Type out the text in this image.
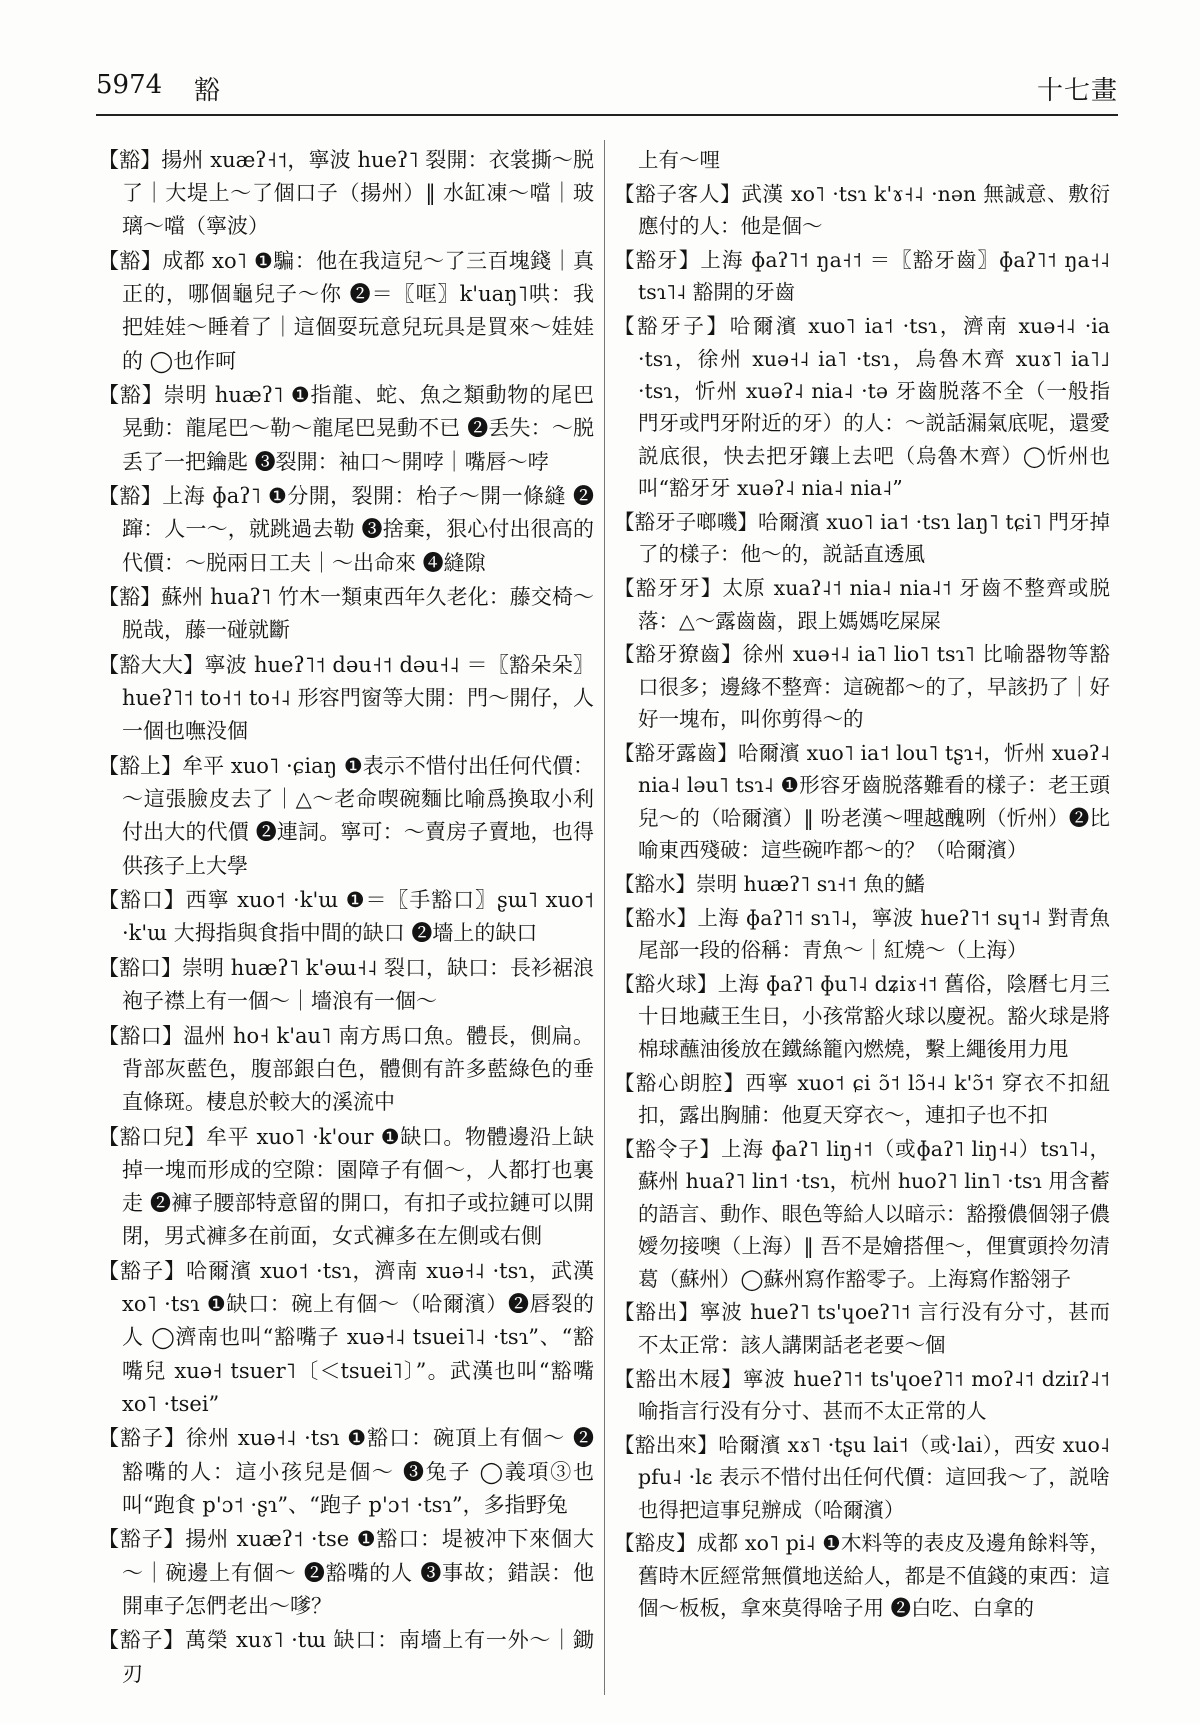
5974 豁	十七畫

【豁】揚州 xuæʔ˧˦，寧波 hueʔ˥ 裂開：衣裳撕～脱了｜大堤上～了個口子（揚州）‖ 水缸凍～噹｜玻璃～噹（寧波）

【豁】成都 xo˥ ❶騙：他在我這兒～了三百塊錢｜真正的，哪個龜兒子～你 ❷＝〖哐〗k'uaŋ˥哄：我把娃娃～睡着了｜這個耍玩意兒玩具是買來～娃娃的 ◯也作呵

【豁】崇明 huæʔ˥ ❶指龍、蛇、魚之類動物的尾巴晃動：龍尾巴～勒～龍尾巴晃動不已 ❷丢失：～脱丢了一把鑰匙 ❸裂開：袖口～開哱｜嘴唇～哱

【豁】上海 ɸaʔ˥ ❶分開，裂開：枱子～開一條縫 ❷蹿：人一～，就跳過去勒 ❸捨棄，狠心付出很高的代價：～脱兩日工夫｜～出命來 ❹縫隙

【豁】蘇州 huaʔ˥ 竹木一類東西年久老化：藤交椅～脱哉，藤一碰就斷

【豁大大】寧波 hueʔ˥˦ dəu˧˦ dəu˧˨ ＝〖豁朵朵〗hueʔ˥˦ to˧˦ to˧˨ 形容門窗等大開：門～開仔，人一個也嘸没個

【豁上】牟平 xuo˥ ·ɕiaŋ ❶表示不惜付出任何代價：～這張臉皮去了｜△～老命喫碗麵比喻爲換取小利付出大的代價 ❷連詞。寧可：～賣房子賣地，也得供孩子上大學

【豁口】西寧 xuo˦ ·k'ɯ ❶＝〖手豁口〗ʂɯ˥ xuo˦ ·k'ɯ 大拇指與食指中間的缺口 ❷墻上的缺口

【豁口】崇明 huæʔ˥ k'əɯ˧˨ 裂口，缺口：長衫裾浪袍子襟上有一個～｜墻浪有一個～

【豁口】温州 ho˧ k'au˥ 南方馬口魚。體長，側扁。背部灰藍色，腹部銀白色，體側有許多藍綠色的垂直條斑。棲息於較大的溪流中

【豁口兒】牟平 xuo˥ ·k'our ❶缺口。物體邊沿上缺掉一塊而形成的空隙：園障子有個～，人都打也裏走 ❷褲子腰部特意留的開口，有扣子或拉鏈可以開閉，男式褲多在前面，女式褲多在左側或右側

【豁子】哈爾濱 xuo˦ ·tsɿ，濟南 xuə˧˨ ·tsɿ，武漢 xo˥ ·tsɿ ❶缺口：碗上有個～（哈爾濱）❷唇裂的人 ◯濟南也叫“豁嘴子 xuə˧˨ tsuei˥˨ ·tsɿ”、“豁嘴兒 xuə˧ tsuer˥〔＜tsuei˥〕”。武漢也叫“豁嘴 xo˥ ·tsei”

【豁子】徐州 xuə˧˨ ·tsɿ ❶豁口：碗頂上有個～ ❷豁嘴的人：這小孩兒是個～ ❸兔子 ◯義項③也叫“跑食 p'ɔ˦ ·ʂɿ”、“跑子 p'ɔ˦ ·tsɿ”，多指野兔

【豁子】揚州 xuæʔ˦ ·tse ❶豁口：堤被冲下來個大～｜碗邊上有個～ ❷豁嘴的人 ❸事故；錯誤：他開車子怎們老出～嗲？

【豁子】萬榮 xuɤ˥ ·tɯ 缺口：南墻上有一外～｜鋤刃

上有～哩

【豁子客人】武漢 xo˥ ·tsɿ k'ɤ˧˨ ·nən 無誠意、敷衍應付的人：他是個～

【豁牙】上海 ɸaʔ˥˦ ŋa˧˦ ＝〖豁牙齒〗ɸaʔ˥˦ ŋa˧˨ tsɿ˥˨ 豁開的牙齒

【豁牙子】哈爾濱 xuo˥ ia˦ ·tsɿ，濟南 xuə˧˨ ·ia ·tsɿ，徐州 xuə˧˨ ia˥ ·tsɿ，烏魯木齊 xuɤ˥ ia˥˩ ·tsɿ，忻州 xuəʔ˨ nia˨ ·tə 牙齒脱落不全（一般指門牙或門牙附近的牙）的人：～説話漏氣底呢，還愛説底很，快去把牙鑲上去吧（烏魯木齊）◯忻州也叫“豁牙牙 xuəʔ˨ nia˨ nia˨”

【豁牙子啷嘰】哈爾濱 xuo˥ ia˦ ·tsɿ laŋ˥ tɕi˥ 門牙掉了的樣子：他～的，説話直透風

【豁牙牙】太原 xuaʔ˨˦ nia˨ nia˨˦ 牙齒不整齊或脱落：△～露齒齒，跟上媽媽吃屎屎

【豁牙獠齒】徐州 xuə˧˨ ia˥ lio˥ tsɿ˥ 比喻器物等豁口很多；邊緣不整齊：這碗都～的了，早該扔了｜好好一塊布，叫你剪得～的

【豁牙露齒】哈爾濱 xuo˥ ia˦ lou˥ tʂɿ˧，忻州 xuəʔ˨ nia˨ ləu˥ tsɿ˨ ❶形容牙齒脱落難看的樣子：老王頭兒～的（哈爾濱）‖ 吩老漢～哩越醜咧（忻州）❷比喻東西殘破：這些碗咋都～的？（哈爾濱）

【豁水】崇明 huæʔ˥ sɿ˧˦ 魚的鰭

【豁水】上海 ɸaʔ˥˦ sɿ˥˨，寧波 hueʔ˥˦ sɥ˦˨ 對青魚尾部一段的俗稱：青魚～｜紅燒～（上海）

【豁火球】上海 ɸaʔ˥ ɸu˥˨ dʑiɤ˧˦ 舊俗，陰曆七月三十日地藏王生日，小孩常豁火球以慶祝。豁火球是將棉球蘸油後放在鐵絲籠內燃燒，繫上繩後用力甩

【豁心朗腔】西寧 xuo˦ ɕi ɔ̃˦ lɔ̃˧˨ k'ɔ̃˦ 穿衣不扣紐扣，露出胸脯：他夏天穿衣～，連扣子也不扣

【豁令子】上海 ɸaʔ˥ liŋ˧˦（或ɸaʔ˥ liŋ˧˨）tsɿ˥˨，蘇州 huaʔ˥ lin˦ ·tsɿ，杭州 huoʔ˥ lin˥ ·tsɿ 用含蓄的語言、動作、眼色等給人以暗示：豁撥儂個翎子儂嬡勿接噢（上海）‖ 吾不是嬒搭俚～，俚實頭拎勿清葛（蘇州）◯蘇州寫作豁零子。上海寫作豁翎子

【豁出】寧波 hueʔ˥ ts'ɥoeʔ˥˦ 言行没有分寸，甚而不太正常：該人講閑話老老要～個

【豁出木屐】寧波 hueʔ˥˦ ts'ɥoeʔ˥˦ moʔ˨˦ dziɪʔ˨˦ 喻指言行没有分寸、甚而不太正常的人

【豁出來】哈爾濱 xɤ˥ ·tʂu lai˦（或·lai），西安 xuo˨ pfu˨ ·lɛ 表示不惜付出任何代價：這回我～了，説啥也得把這事兒辦成（哈爾濱）

【豁皮】成都 xo˥ pi˨ ❶木料等的表皮及邊角餘料等，舊時木匠經常無償地送給人，都是不值錢的東西：這個～板板，拿來莫得啥子用 ❷白吃、白拿的
